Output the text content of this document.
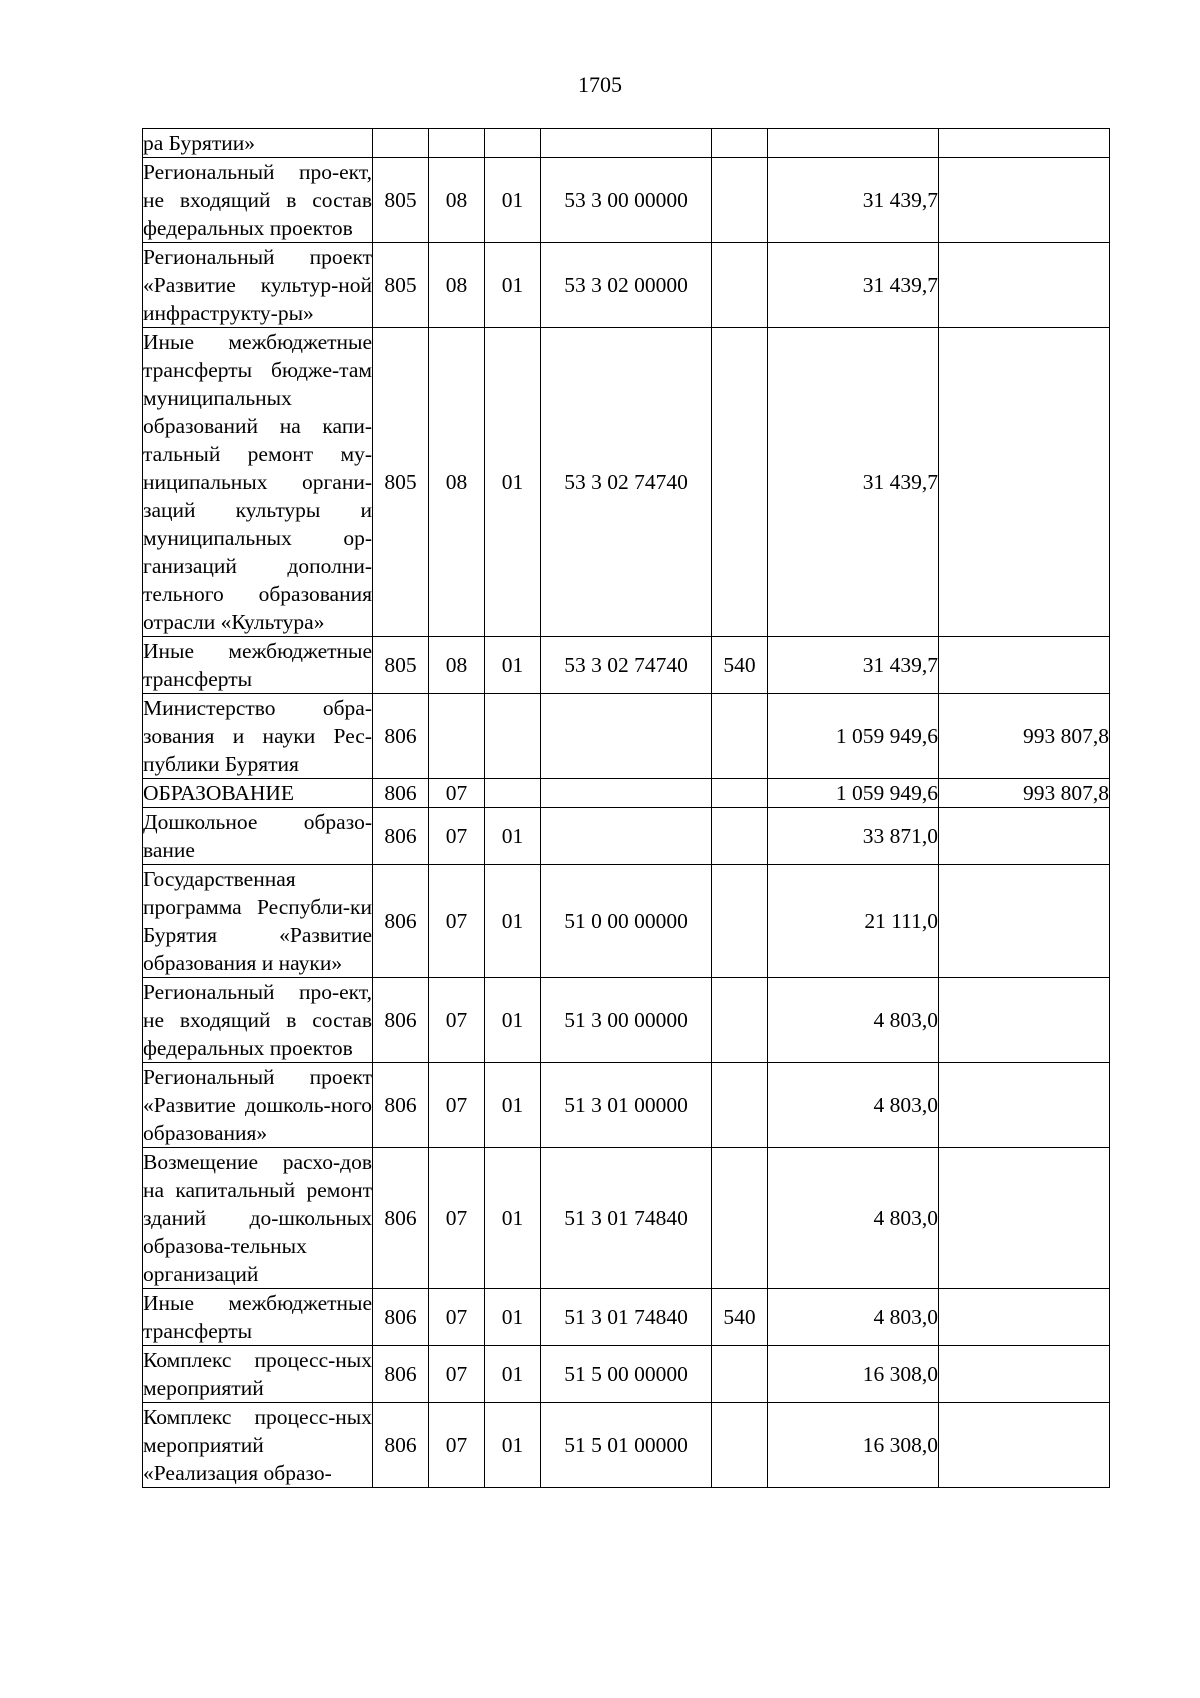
1705
ра Бурятии»							
Региональный про-ект, не входящий в состав федеральных проектов	805	08	01	53 3 00 00000		31 439,7	
Региональный проект «Развитие культур-ной инфраструкту-ры»	805	08	01	53 3 02 00000		31 439,7	
Иные межбюджетные трансферты бюдже-там муниципальных образований на капи-тальный ремонт му-ниципальных органи-заций культуры и муниципальных ор-ганизаций дополни-тельного образования отрасли «Культура»	805	08	01	53 3 02 74740		31 439,7	
Иные межбюджетные трансферты	805	08	01	53 3 02 74740	540	31 439,7	
Министерство обра-зования и науки Рес-публики Бурятия	806					1 059 949,6	993 807,8
ОБРАЗОВАНИЕ	806	07				1 059 949,6	993 807,8
Дошкольное образо-вание	806	07	01			33 871,0	
Государственная программа Республи-ки Бурятия «Развитие образования и науки»	806	07	01	51 0 00 00000		21 111,0	
Региональный про-ект, не входящий в состав федеральных проектов	806	07	01	51 3 00 00000		4 803,0	
Региональный проект «Развитие дошколь-ного образования»	806	07	01	51 3 01 00000		4 803,0	
Возмещение расхо-дов на капитальный ремонт зданий до-школьных образова-тельных организаций	806	07	01	51 3 01 74840		4 803,0	
Иные межбюджетные трансферты	806	07	01	51 3 01 74840	540	4 803,0	
Комплекс процесс-ных мероприятий	806	07	01	51 5 00 00000		16 308,0	
Комплекс процесс-ных мероприятий «Реализация образо-	806	07	01	51 5 01 00000		16 308,0	
